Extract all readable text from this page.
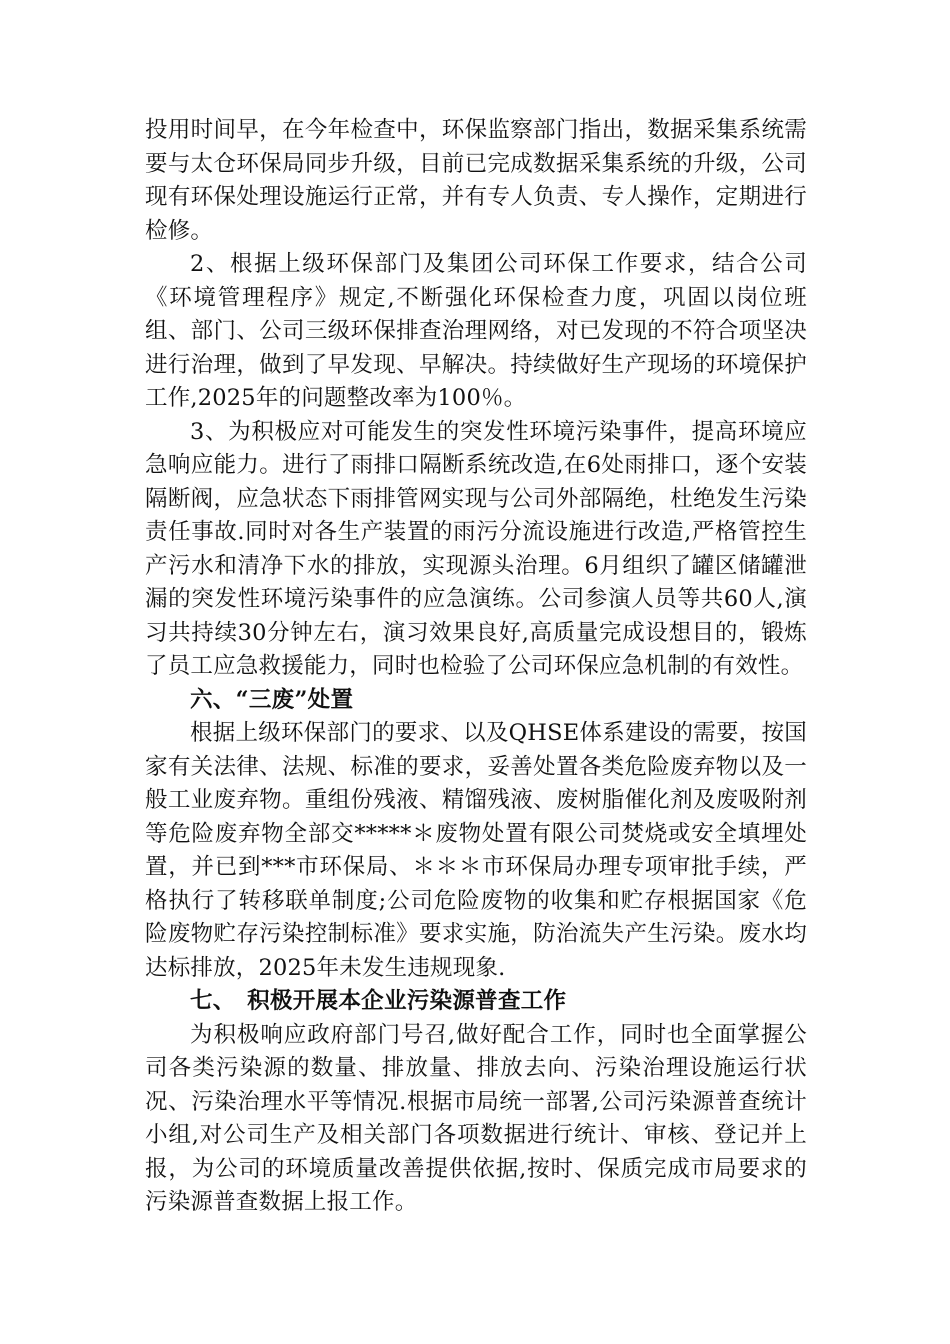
投用时间早，在今年检查中，环保监察部门指出，数据采集系统需要与太仓环保局同步升级，目前已完成数据采集系统的升级，公司现有环保处理设施运行正常，并有专人负责、专人操作，定期进行检修。

2、根据上级环保部门及集团公司环保工作要求，结合公司《环境管理程序》规定,不断强化环保检查力度，巩固以岗位班组、部门、公司三级环保排查治理网络，对已发现的不符合项坚决进行治理，做到了早发现、早解决。持续做好生产现场的环境保护工作,2025年的问题整改率为100％。

3、为积极应对可能发生的突发性环境污染事件，提高环境应急响应能力。进行了雨排口隔断系统改造,在6处雨排口，逐个安装隔断阀，应急状态下雨排管网实现与公司外部隔绝，杜绝发生污染责任事故.同时对各生产装置的雨污分流设施进行改造,严格管控生产污水和清净下水的排放，实现源头治理。6月组织了罐区储罐泄漏的突发性环境污染事件的应急演练。公司参演人员等共60人,演习共持续30分钟左右，演习效果良好,高质量完成设想目的，锻炼了员工应急救援能力，同时也检验了公司环保应急机制的有效性。

六、“三废”处置

根据上级环保部门的要求、以及QHSE体系建设的需要，按国家有关法律、法规、标准的要求，妥善处置各类危险废弃物以及一般工业废弃物。重组份残液、精馏残液、废树脂催化剂及废吸附剂等危险废弃物全部交*****＊废物处置有限公司焚烧或安全填埋处置，并已到***市环保局、＊＊＊市环保局办理专项审批手续，严格执行了转移联单制度;公司危险废物的收集和贮存根据国家《危险废物贮存污染控制标准》要求实施，防治流失产生污染。废水均达标排放，2025年未发生违规现象.

七、　积极开展本企业污染源普查工作

为积极响应政府部门号召,做好配合工作，同时也全面掌握公司各类污染源的数量、排放量、排放去向、污染治理设施运行状况、污染治理水平等情况.根据市局统一部署,公司污染源普查统计小组,对公司生产及相关部门各项数据进行统计、审核、登记并上报，为公司的环境质量改善提供依据,按时、保质完成市局要求的污染源普查数据上报工作。
